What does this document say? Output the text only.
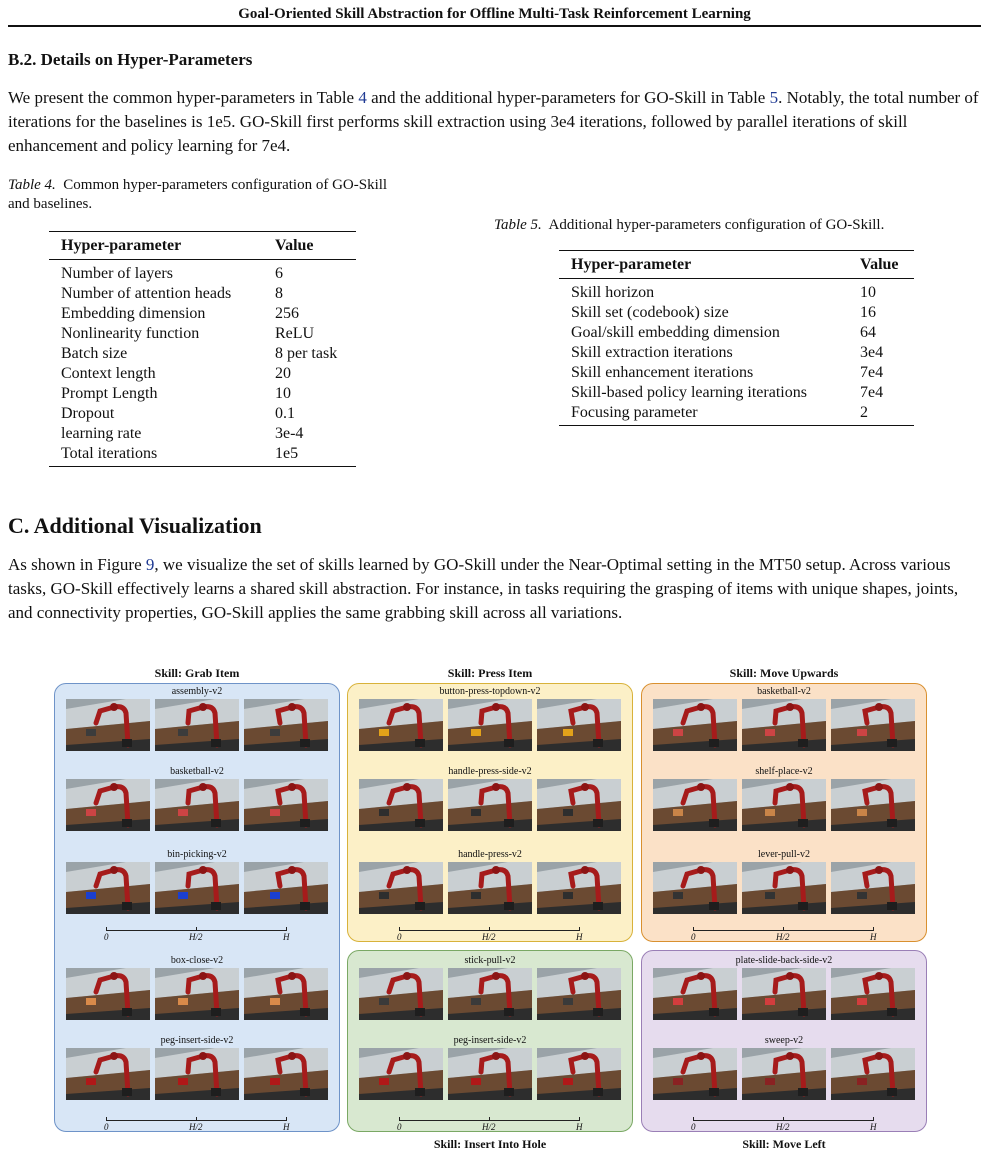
Goal-Oriented Skill Abstraction for Offline Multi-Task Reinforcement Learning
B.2. Details on Hyper-Parameters
We present the common hyper-parameters in Table 4 and the additional hyper-parameters for GO-Skill in Table 5. Notably, the total number of iterations for the baselines is 1e5. GO-Skill first performs skill extraction using 3e4 iterations, followed by parallel iterations of skill enhancement and policy learning for 7e4.
Table 4. Common hyper-parameters configuration of GO-Skill and baselines.
Hyper-parameter	Value
Number of layers	6
Number of attention heads	8
Embedding dimension	256
Nonlinearity function	ReLU
Batch size	8 per task
Context length	20
Prompt Length	10
Dropout	0.1
learning rate	3e-4
Total iterations	1e5
Table 5. Additional hyper-parameters configuration of GO-Skill.
Hyper-parameter	Value
Skill horizon	10
Skill set (codebook) size	16
Goal/skill embedding dimension	64
Skill extraction iterations	3e4
Skill enhancement iterations	7e4
Skill-based policy learning iterations	7e4
Focusing parameter	2
C. Additional Visualization
As shown in Figure 9, we visualize the set of skills learned by GO-Skill under the Near-Optimal setting in the MT50 setup. Across various tasks, GO-Skill effectively learns a shared skill abstraction. For instance, in tasks requiring the grasping of items with unique shapes, joints, and connectivity properties, GO-Skill applies the same grabbing skill across all variations.
Skill: Grab Item	Skill: Press Item	Skill: Move Upwards
Skill: Insert Into Hole	Skill: Move Left
assembly-v2
basketball-v2
bin-picking-v2
box-close-v2
peg-insert-side-v2
0	H/2	H
0	H/2	H
button-press-topdown-v2
handle-press-side-v2
handle-press-v2
0	H/2	H
basketball-v2
shelf-place-v2
lever-pull-v2
0	H/2	H
stick-pull-v2
peg-insert-side-v2
0	H/2	H
plate-slide-back-side-v2
sweep-v2
0	H/2	H
